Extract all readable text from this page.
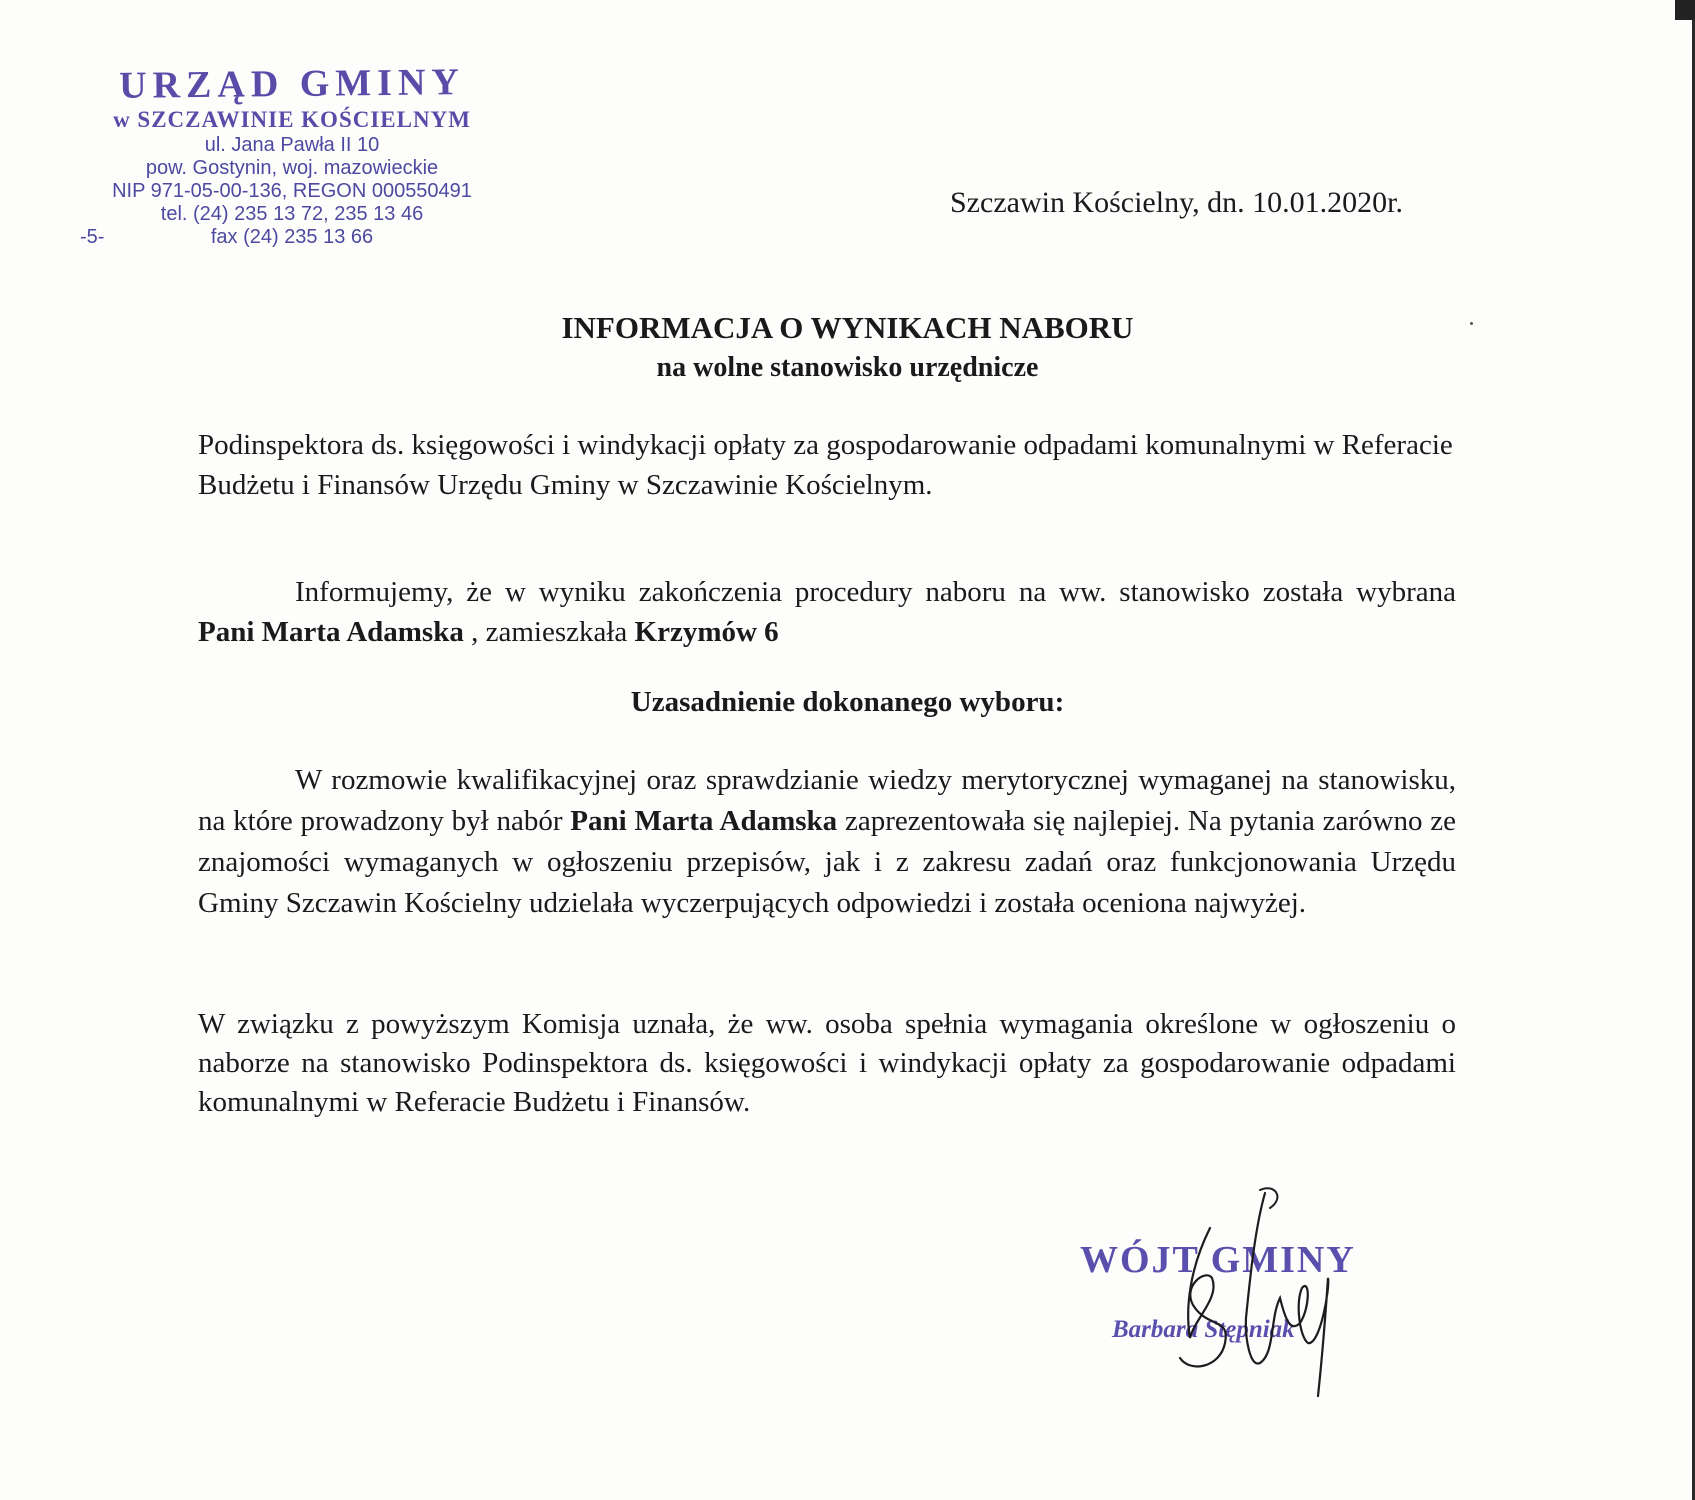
URZĄD GMINY
w SZCZAWINIE KOŚCIELNYM
ul. Jana Pawła II 10
pow. Gostynin, woj. mazowieckie
NIP 971-05-00-136, REGON 000550491
tel. (24) 235 13 72, 235 13 46
-5-	fax (24) 235 13 66
Szczawin Kościelny, dn. 10.01.2020r.
INFORMACJA O WYNIKACH NABORU
na wolne stanowisko urzędnicze
Podinspektora ds. księgowości i windykacji opłaty za gospodarowanie odpadami komunalnymi w Referacie Budżetu i Finansów Urzędu Gminy w Szczawinie Kościelnym.
Informujemy, że w wyniku zakończenia procedury naboru na ww. stanowisko została wybrana Pani Marta Adamska , zamieszkała Krzymów 6
Uzasadnienie dokonanego wyboru:
W rozmowie kwalifikacyjnej oraz sprawdzianie wiedzy merytorycznej wymaganej na stanowisku, na które prowadzony był nabór Pani Marta Adamska zaprezentowała się najlepiej. Na pytania zarówno ze znajomości wymaganych w ogłoszeniu przepisów, jak i z zakresu zadań oraz funkcjonowania Urzędu Gminy Szczawin Kościelny udzielała wyczerpujących odpowiedzi i została oceniona najwyżej.
W związku z powyższym Komisja uznała, że ww. osoba spełnia wymagania określone w ogłoszeniu o naborze na stanowisko Podinspektora ds. księgowości i windykacji opłaty za gospodarowanie odpadami komunalnymi w Referacie Budżetu i Finansów.
WÓJT GMINY
Barbara Stępniak
